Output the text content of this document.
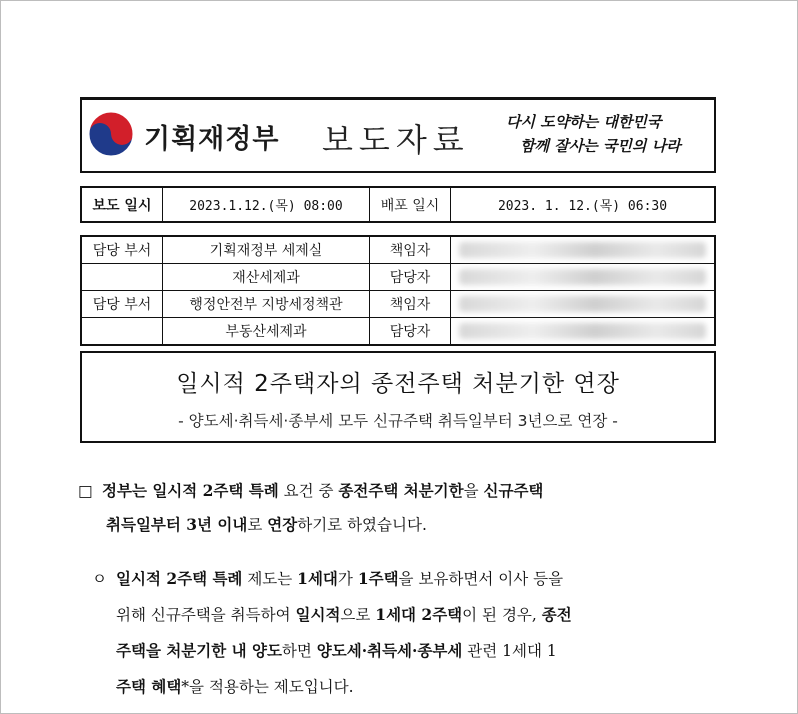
기획재정부 보도자료 다시 도약하는 대한민국
함께 잘사는 국민의 나라
보도 일시	2023.1.12.(목) 08:00	배포 일시	2023. 1. 12.(목) 06:30
담당 부서	기획재정부 세제실	책임자	

	재산세제과	담당자	

담당 부서	행정안전부 지방세정책관	책임자	

	부동산세제과	담당자	
일시적 2주택자의 종전주택 처분기한 연장
- 양도세·취득세·종부세 모두 신규주택 취득일부터 3년으로 연장 -
□ 정부는 일시적 2주택 특례 요건 중 종전주택 처분기한을 신규주택
취득일부터 3년 이내로 연장하기로 하였습니다.
ㅇ 일시적 2주택 특례 제도는 1세대가 1주택을 보유하면서 이사 등을
위해 신규주택을 취득하여 일시적으로 1세대 2주택이 된 경우, 종전
주택을 처분기한 내 양도하면 양도세·취득세·종부세 관련 1세대 1
주택 혜택*을 적용하는 제도입니다.
